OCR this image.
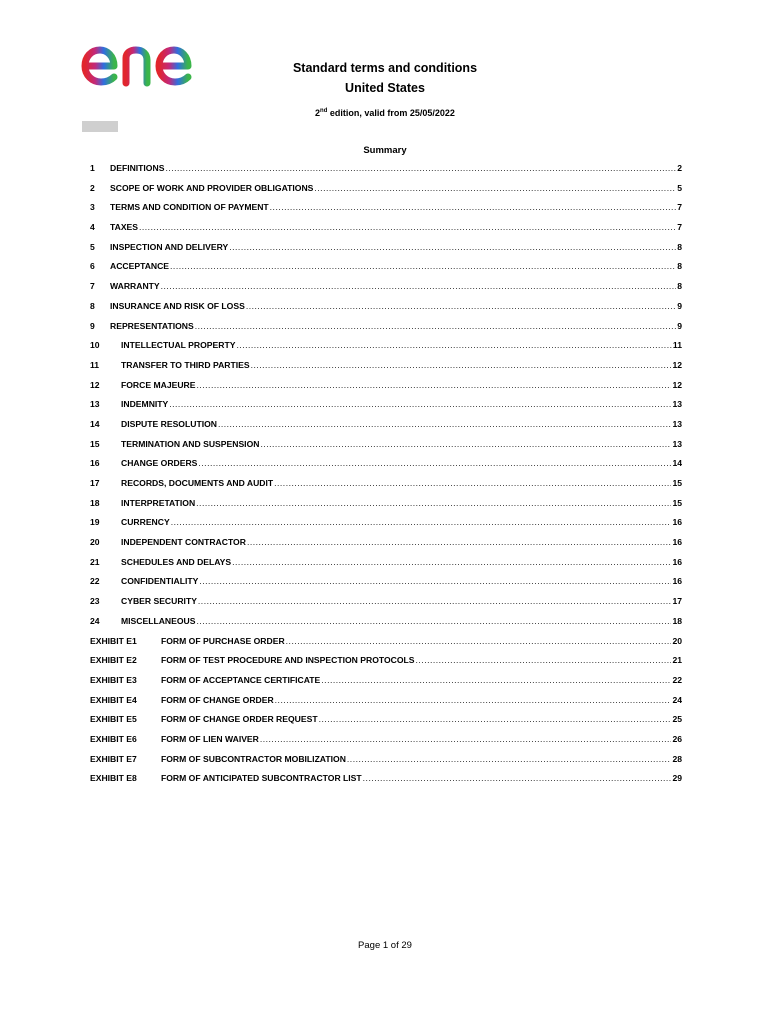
Standard terms and conditions
United States
2nd edition, valid from 25/05/2022
Summary
1	DEFINITIONS .....	2
2	SCOPE OF WORK AND PROVIDER OBLIGATIONS .....	5
3	TERMS AND CONDITION OF PAYMENT .....	7
4	TAXES .....	7
5	INSPECTION AND DELIVERY .....	8
6	ACCEPTANCE .....	8
7	WARRANTY .....	8
8	INSURANCE AND RISK OF LOSS .....	9
9	REPRESENTATIONS .....	9
10	INTELLECTUAL PROPERTY .....	11
11	TRANSFER TO THIRD PARTIES .....	12
12	FORCE MAJEURE .....	12
13	INDEMNITY .....	13
14	DISPUTE RESOLUTION .....	13
15	TERMINATION AND SUSPENSION .....	13
16	CHANGE ORDERS .....	14
17	RECORDS, DOCUMENTS AND AUDIT .....	15
18	INTERPRETATION .....	15
19	CURRENCY .....	16
20	INDEPENDENT CONTRACTOR .....	16
21	SCHEDULES AND DELAYS .....	16
22	CONFIDENTIALITY .....	16
23	CYBER SECURITY .....	17
24	MISCELLANEOUS .....	18
EXHIBIT E1	FORM OF PURCHASE ORDER .....	20
EXHIBIT E2	FORM OF TEST PROCEDURE AND INSPECTION PROTOCOLS .....	21
EXHIBIT E3	FORM OF ACCEPTANCE CERTIFICATE .....	22
EXHIBIT E4	FORM OF CHANGE ORDER .....	24
EXHIBIT E5	FORM OF CHANGE ORDER REQUEST .....	25
EXHIBIT E6	FORM OF LIEN WAIVER .....	26
EXHIBIT E7	FORM OF SUBCONTRACTOR MOBILIZATION .....	28
EXHIBIT E8	FORM OF ANTICIPATED SUBCONTRACTOR LIST .....	29
Page 1 of 29
